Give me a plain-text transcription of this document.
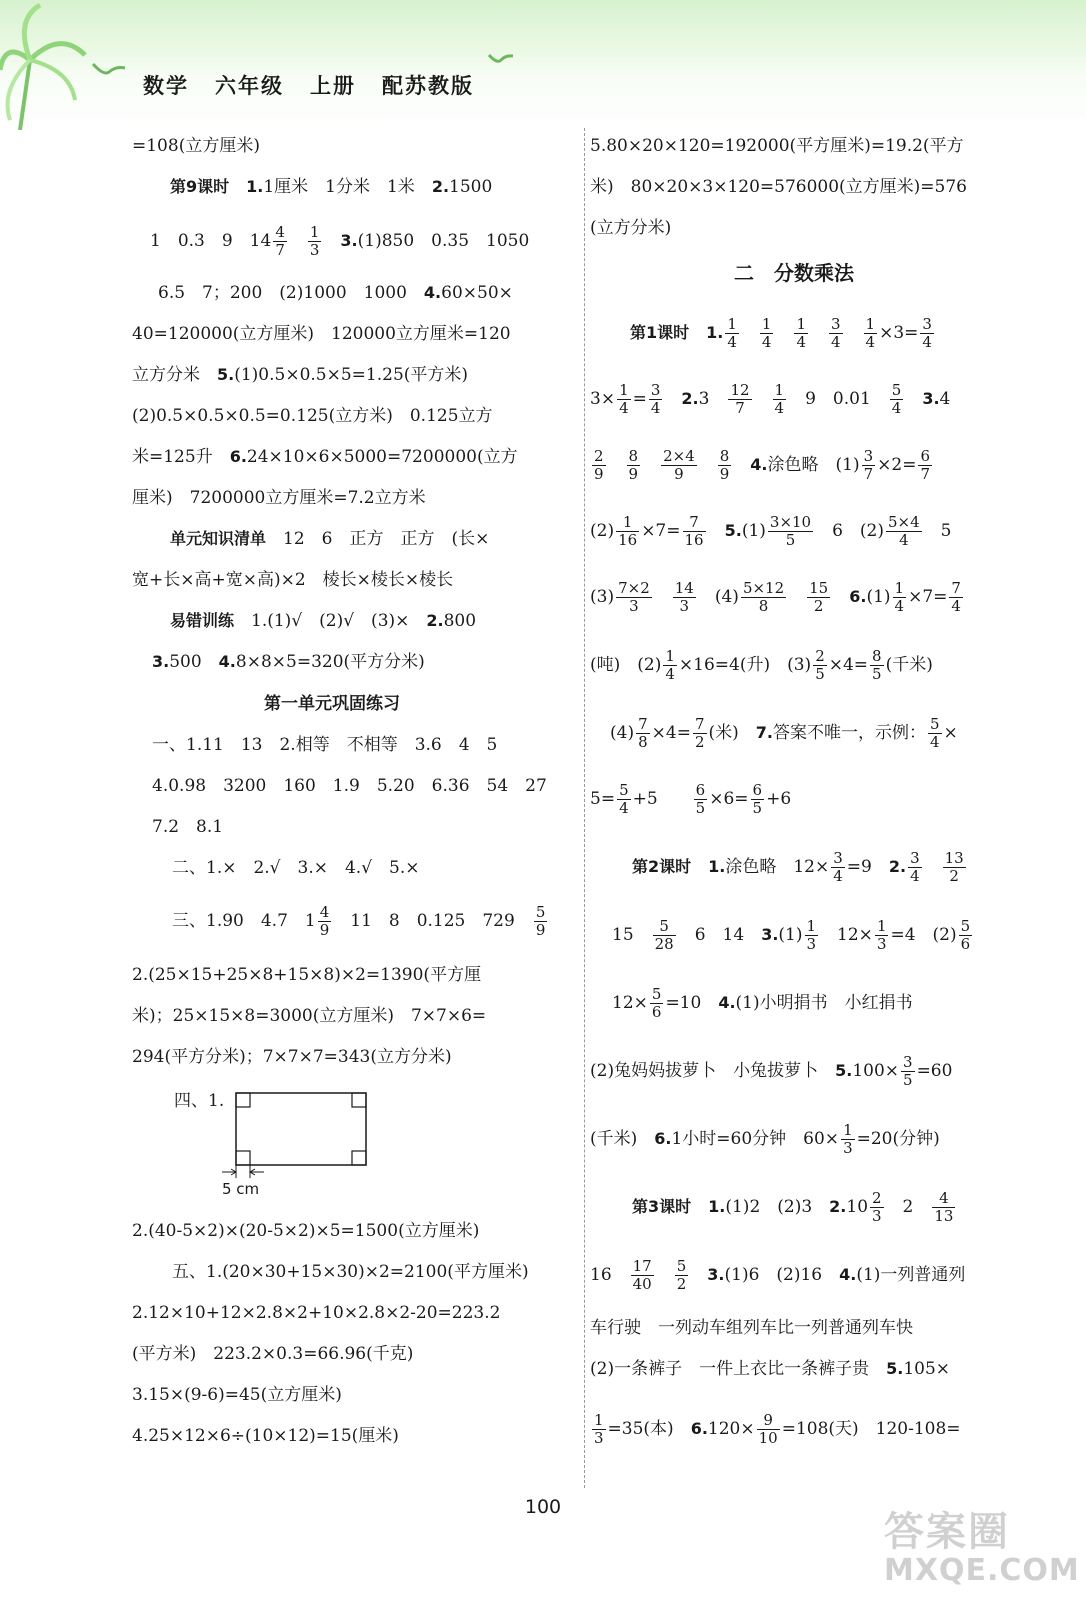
数学 六年级 上册 配苏教版
=108(立方厘米)
第9课时　 1.1厘米　1分米　1米　2.1500
1　0.3　9　$14 \frac{4}{7}$
　 $\frac{1}{3}$
　 3.(1)850　0.35　1050
6.5　7；200　(2)1000　1000　4.60×50×
40=120000(立方厘米)　120000立方厘米=120
立方分米　5.(1)0.5×0.5×5=1.25(平方米)
(2)0.5×0.5×0.5=0.125(立方米)　0.125立方
米=125升　6.24×10×6×5000=7200000(立方
厘米)　7200000立方厘米=7.2立方米
单元知识清单　12　6　正方　正方　(长×
宽+长×高+宽×高)×2　棱长×棱长×棱长
易错训练　1.(1)√　(2)√　(3)×　2.800
3.500　4.8×8×5=320(平方分米)
第一单元巩固练习
一、1.11　13　2.相等　不相等　3.6　4　5
4.0.98　3200　160　1.9　5.20　6.36　54　27
7.2　8.1
二、1.×　2.√　3.×　4.√　5.×
三、1.90　4.7　$1 \frac{4}{9}$ 　11　8　0.125　729　 $\frac{5}{9}$
2.(25×15+25×8+15×8)×2=1390(平方厘
米)；25×15×8=3000(立方厘米)　7×7×6=
294(平方分米)；7×7×7=343(立方分米)
四、1.
5 cm
2.(40-5×2)×(20-5×2)×5=1500(立方厘米)
五、1.(20×30+15×30)×2=2100(平方厘米)
2.12×10+12×2.8×2+10×2.8×2-20=223.2
(平方米)　223.2×0.3=66.96(千克)
3.15×(9-6)=45(立方厘米)
4.25×12×6÷(10×12)=15(厘米)
5.80×20×120=192000(平方厘米)=19.2(平方
米)　80×20×3×120=576000(立方厘米)=576
(立方分米)
二　分数乘法
第1课时　 1. $\frac{1}{4}$
　 $\frac{1}{4}$
　 $\frac{1}{4}$
　 $\frac{3}{4}$
　 $\frac{1}{4} \times 3= \frac{3}{4}$
$3\times \frac{1}{4} = \frac{3}{4}$
　 2.3　 $\frac{12}{7}$
　 $\frac{1}{4}$
　 9　0.01　 $\frac{5}{4}$
　 3.4
$\frac{2}{9}$
　 $\frac{8}{9}$
　 $\frac{2\times 4}{9}$
　 $\frac{8}{9}$
　 4.涂色略　$(1) \frac{3}{7} \times 2= \frac{6}{7}$
$(2) \frac{1}{16} \times 7= \frac{7}{16}$
　 $5.(1) \frac{3\times 10}{5}$
　 6　$(2) \frac{5\times 4}{4}$
　 5
$(3) \frac{7\times 2}{3}$
　 $\frac{14}{3}$
　 $(4) \frac{5\times 12}{8}$
　 $\frac{15}{2}$
　 $6.(1) \frac{1}{4} \times 7= \frac{7}{4}$
(吨)　$(2) \frac{1}{4} \times 16=4$(升)　$(3) \frac{2}{5} \times 4= \frac{8}{5}$ (千米)
$(4) \frac{7}{8} \times 4= \frac{7}{2}$ (米)　7.答案不唯一，示例： $\frac{5}{4}$ ×
$5= \frac{5}{4} +5$　　 $\frac{6}{5} \times 6= \frac{6}{5} +6$
第2课时　 1.涂色略　$12\times \frac{3}{4} =9$　2. $\frac{3}{4}$
　 $\frac{13}{2}$
15　 $\frac{5}{28}$
　 6　14　$3.(1) \frac{1}{3}$
　 $12\times \frac{1}{3} =4$　$(2) \frac{5}{6}$
$12\times \frac{5}{6} =10$　4.(1)小明捐书　小红捐书
(2)兔妈妈拔萝卜　小兔拔萝卜　$5.100\times \frac{3}{5} =60$
(千米)　6.1小时=60分钟　$60\times \frac{1}{3} =20$(分钟)
第3课时　 1.(1)2　(2)3　$2.10 \frac{2}{3}$ 　2　 $\frac{4}{13}$
16　 $\frac{17}{40}$
　 $\frac{5}{2}$
　 3.(1)6　(2)16　4.(1)一列普通列
车行驶　一列动车组列车比一列普通列车快
(2)一条裤子　一件上衣比一条裤子贵　5.105×
$\frac{1}{3} =35$(本)　$6.120\times \frac{9}{10} =108$(天)　120-108=
100
答案圈
MXQE.COM
